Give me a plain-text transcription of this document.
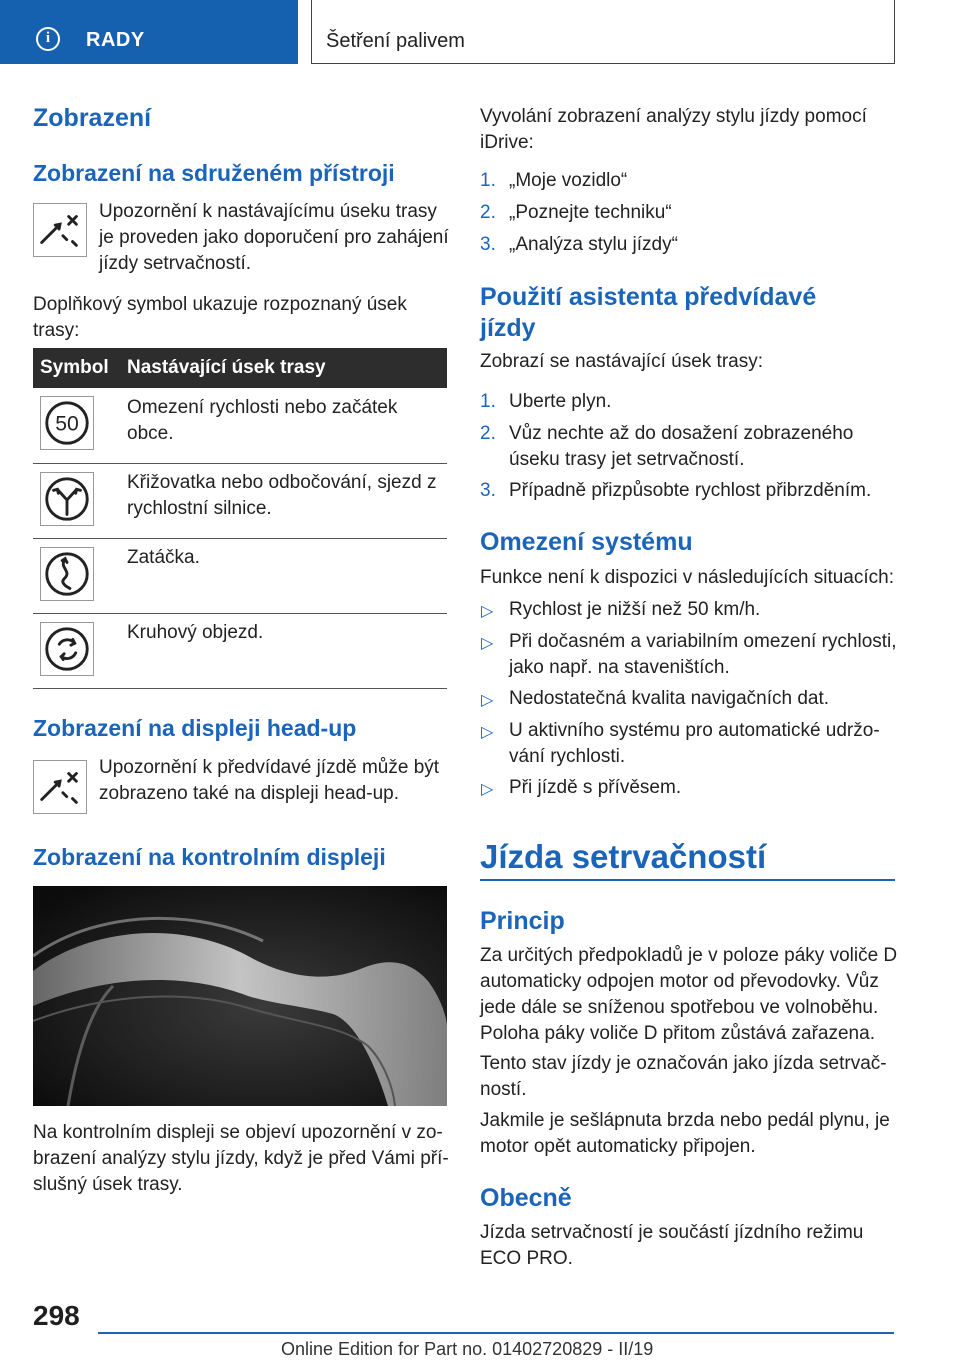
i	RADY	Šetření palivem
Zobrazení
Zobrazení na sdruženém přístroji
Upozornění k nastávajícímu úseku trasy
je proveden jako doporučení pro zahájení
jízdy setrvačností.
Doplňkový symbol ukazuje rozpoznaný úsek
trasy:
Symbol Nastávající úsek trasy
50
Omezení rychlosti nebo začátek
obce.
Křižovatka nebo odbočování, sjezd z
rychlostní silnice.
Zatáčka.
Kruhový objezd.
Zobrazení na displeji head-up
Upozornění k předvídavé jízdě může být
zobrazeno také na displeji head-up.
Zobrazení na kontrolním displeji
Na kontrolním displeji se objeví upozornění v zo-
brazení analýzy stylu jízdy, když je před Vámi pří-
slušný úsek trasy.
Vyvolání zobrazení analýzy stylu jízdy pomocí
iDrive:
1. „Moje vozidlo“
2. „Poznejte techniku“
3. „Analýza stylu jízdy“
Použití asistenta předvídavé
jízdy
Zobrazí se nastávající úsek trasy:
1. Uberte plyn.
2. Vůz nechte až do dosažení zobrazeného
úseku trasy jet setrvačností.
3. Případně přizpůsobte rychlost přibrzděním.
Omezení systému
Funkce není k dispozici v následujících situacích:
▷ Rychlost je nižší než 50 km/h.
▷ Při dočasném a variabilním omezení rychlosti,
jako např. na staveništích.
▷ Nedostatečná kvalita navigačních dat.
▷ U aktivního systému pro automatické udržo-
vání rychlosti.
▷ Při jízdě s přívěsem.
Jízda setrvačností
Princip
Za určitých předpokladů je v poloze páky voliče D
automaticky odpojen motor od převodovky. Vůz
jede dále se sníženou spotřebou ve volnoběhu.
Poloha páky voliče D přitom zůstává zařazena.
Tento stav jízdy je označován jako jízda setrvač-
ností.
Jakmile je sešlápnuta brzda nebo pedál plynu, je
motor opět automaticky připojen.
Obecně
Jízda setrvačností je součástí jízdního režimu
ECO PRO.
298
Online Edition for Part no. 01402720829 - II/19
